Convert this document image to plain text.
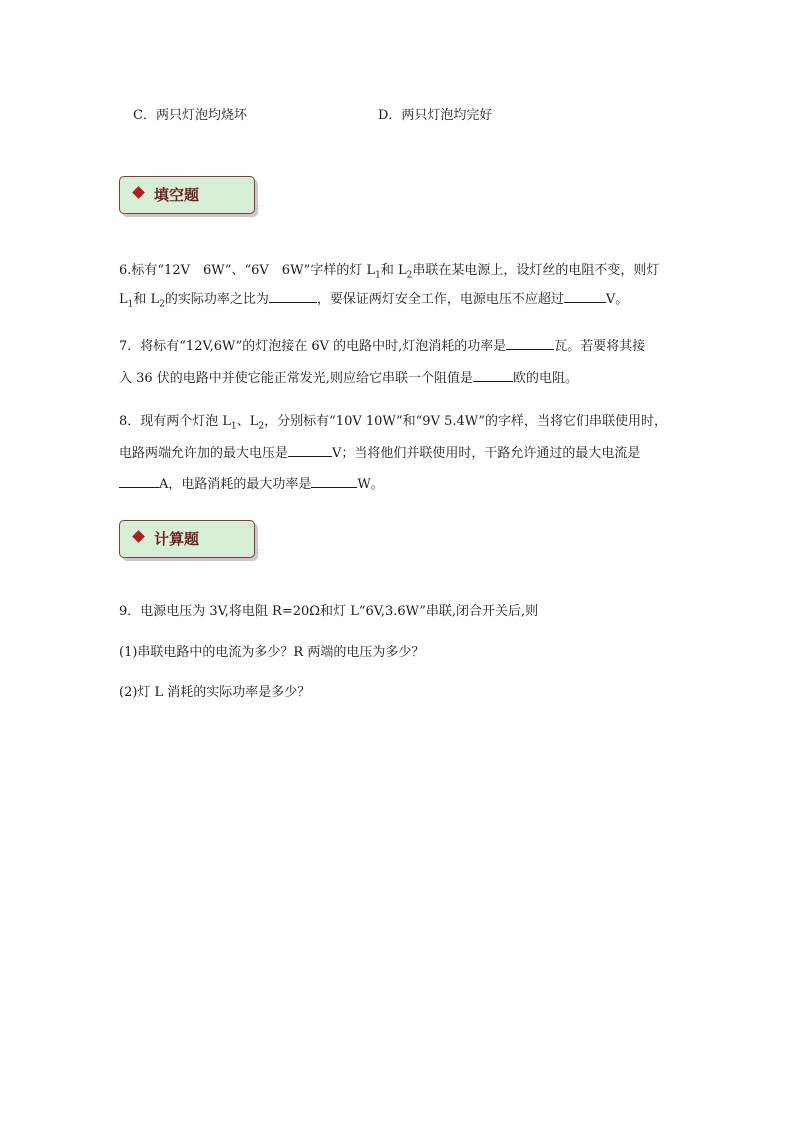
C．两只灯泡均烧坏	D．两只灯泡均完好
填空题
6.标有“12V　6W”、“6V　6W”字样的灯 $L_1$和 $L_2$串联在某电源上，设灯丝的电阻不变，则灯
$L_1$和 $L_2$的实际功率之比为	，要保证两灯安全工作，电源电压不应超过	V。
7．将标有“12V,6W”的灯泡接在 6V 的电路中时,灯泡消耗的功率是	瓦。若要将其接
入 36 伏的电路中并使它能正常发光,则应给它串联一个阻值是	欧的电阻。
8．现有两个灯泡 $L_1$、$L_2$，分别标有“10V 10W”和“9V 5.4W”的字样，当将它们串联使用时，
电路两端允许加的最大电压是	V；当将他们并联使用时，干路允许通过的最大电流是
A，电路消耗的最大功率是	W。
计算题
9．电源电压为 3V,将电阻 R=20Ω和灯 L“6V,3.6W”串联,闭合开关后,则
(1)串联电路中的电流为多少？R 两端的电压为多少？
(2)灯 L 消耗的实际功率是多少？
